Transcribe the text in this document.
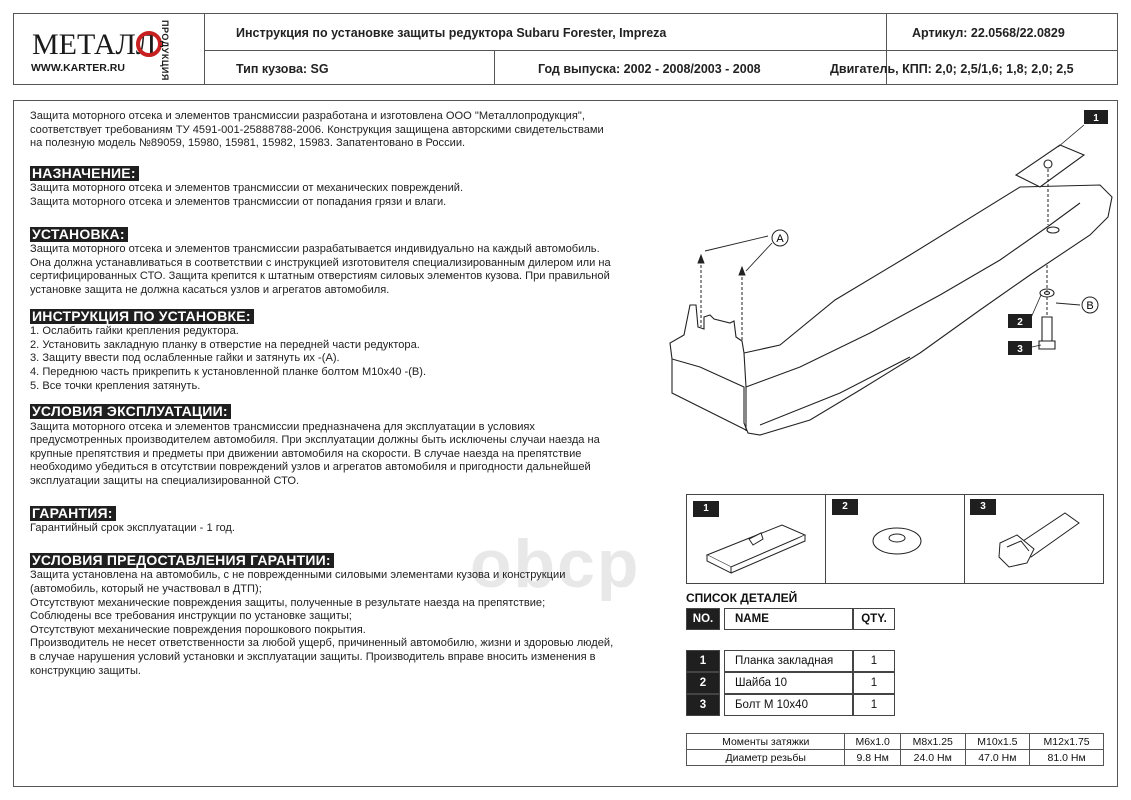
МЕТАЛЛ ПРОДУКЦИЯ
WWW.KARTER.RU
Инструкция по установке защиты редуктора Subaru Forester, Impreza	Артикул: 22.0568/22.0829
Тип кузова: SG	Год выпуска: 2002 - 2008/2003 - 2008	Двигатель, КПП: 2,0; 2,5/1,6; 1,8; 2,0; 2,5
obcp
Защита моторного отсека и элементов трансмиссии разработана и изготовлена ООО "Металлопродукция",
соответствует требованиям ТУ 4591-001-25888788-2006. Конструкция защищена авторскими свидетельствами
на полезную модель №89059, 15980, 15981, 15982, 15983. Запатентовано в России.
НАЗНАЧЕНИЕ:
Защита моторного отсека и элементов трансмиссии от механических повреждений.
Защита моторного отсека и элементов трансмиссии от попадания грязи и влаги.
УСТАНОВКА:
Защита моторного отсека и элементов трансмиссии разрабатывается индивидуально на каждый автомобиль.
Она должна устанавливаться в соответствии с инструкцией изготовителя специализированным дилером или на
сертифицированных СТО. Защита крепится к штатным отверстиям силовых элементов кузова. При правильной
установке защита не должна касаться узлов и агрегатов автомобиля.
ИНСТРУКЦИЯ ПО УСТАНОВКЕ:
1. Ослабить гайки крепления редуктора.
2. Установить закладную планку в отверстие на передней части редуктора.
3. Защиту ввести под ослабленные гайки и затянуть их -(А).
4. Переднюю часть прикрепить к установленной планке болтом М10х40 -(В).
5. Все точки крепления затянуть.
УСЛОВИЯ ЭКСПЛУАТАЦИИ:
Защита моторного отсека и элементов трансмиссии предназначена для эксплуатации в условиях
предусмотренных производителем автомобиля. При эксплуатации должны быть исключены случаи наезда на
крупные препятствия и предметы при движении автомобиля на скорости. В случае наезда на препятствие
необходимо убедиться в отсутствии повреждений узлов и агрегатов автомобиля и пригодности дальнейшей
эксплуатации защиты на специализированной СТО.
ГАРАНТИЯ:
Гарантийный срок эксплуатации - 1 год.
УСЛОВИЯ ПРЕДОСТАВЛЕНИЯ ГАРАНТИИ:
Защита установлена на автомобиль, с не поврежденными силовыми элементами кузова и конструкции
(автомобиль, который не участвовал в ДТП);
Отсутствуют механические повреждения защиты, полученные в результате наезда на препятствие;
Соблюдены все требования инструкции по установке защиты;
Отсутствуют механические повреждения порошкового покрытия.
Производитель не несет ответственности за любой ущерб, причиненный автомобилю, жизни и здоровью людей,
в случае нарушения условий установки и эксплуатации защиты. Производитель вправе вносить изменения в
конструкцию защиты.
A
B
1
2
3
1	2	3
СПИСОК ДЕТАЛЕЙ
NO.		NAME	QTY.

1		Планка закладная	1
2		Шайба 10	1
3		Болт М 10х40	1
Моменты затяжки	М6х1.0	М8х1.25	М10х1.5	М12х1.75
Диаметр резьбы	9.8 Нм	24.0 Нм	47.0 Нм	81.0 Нм
